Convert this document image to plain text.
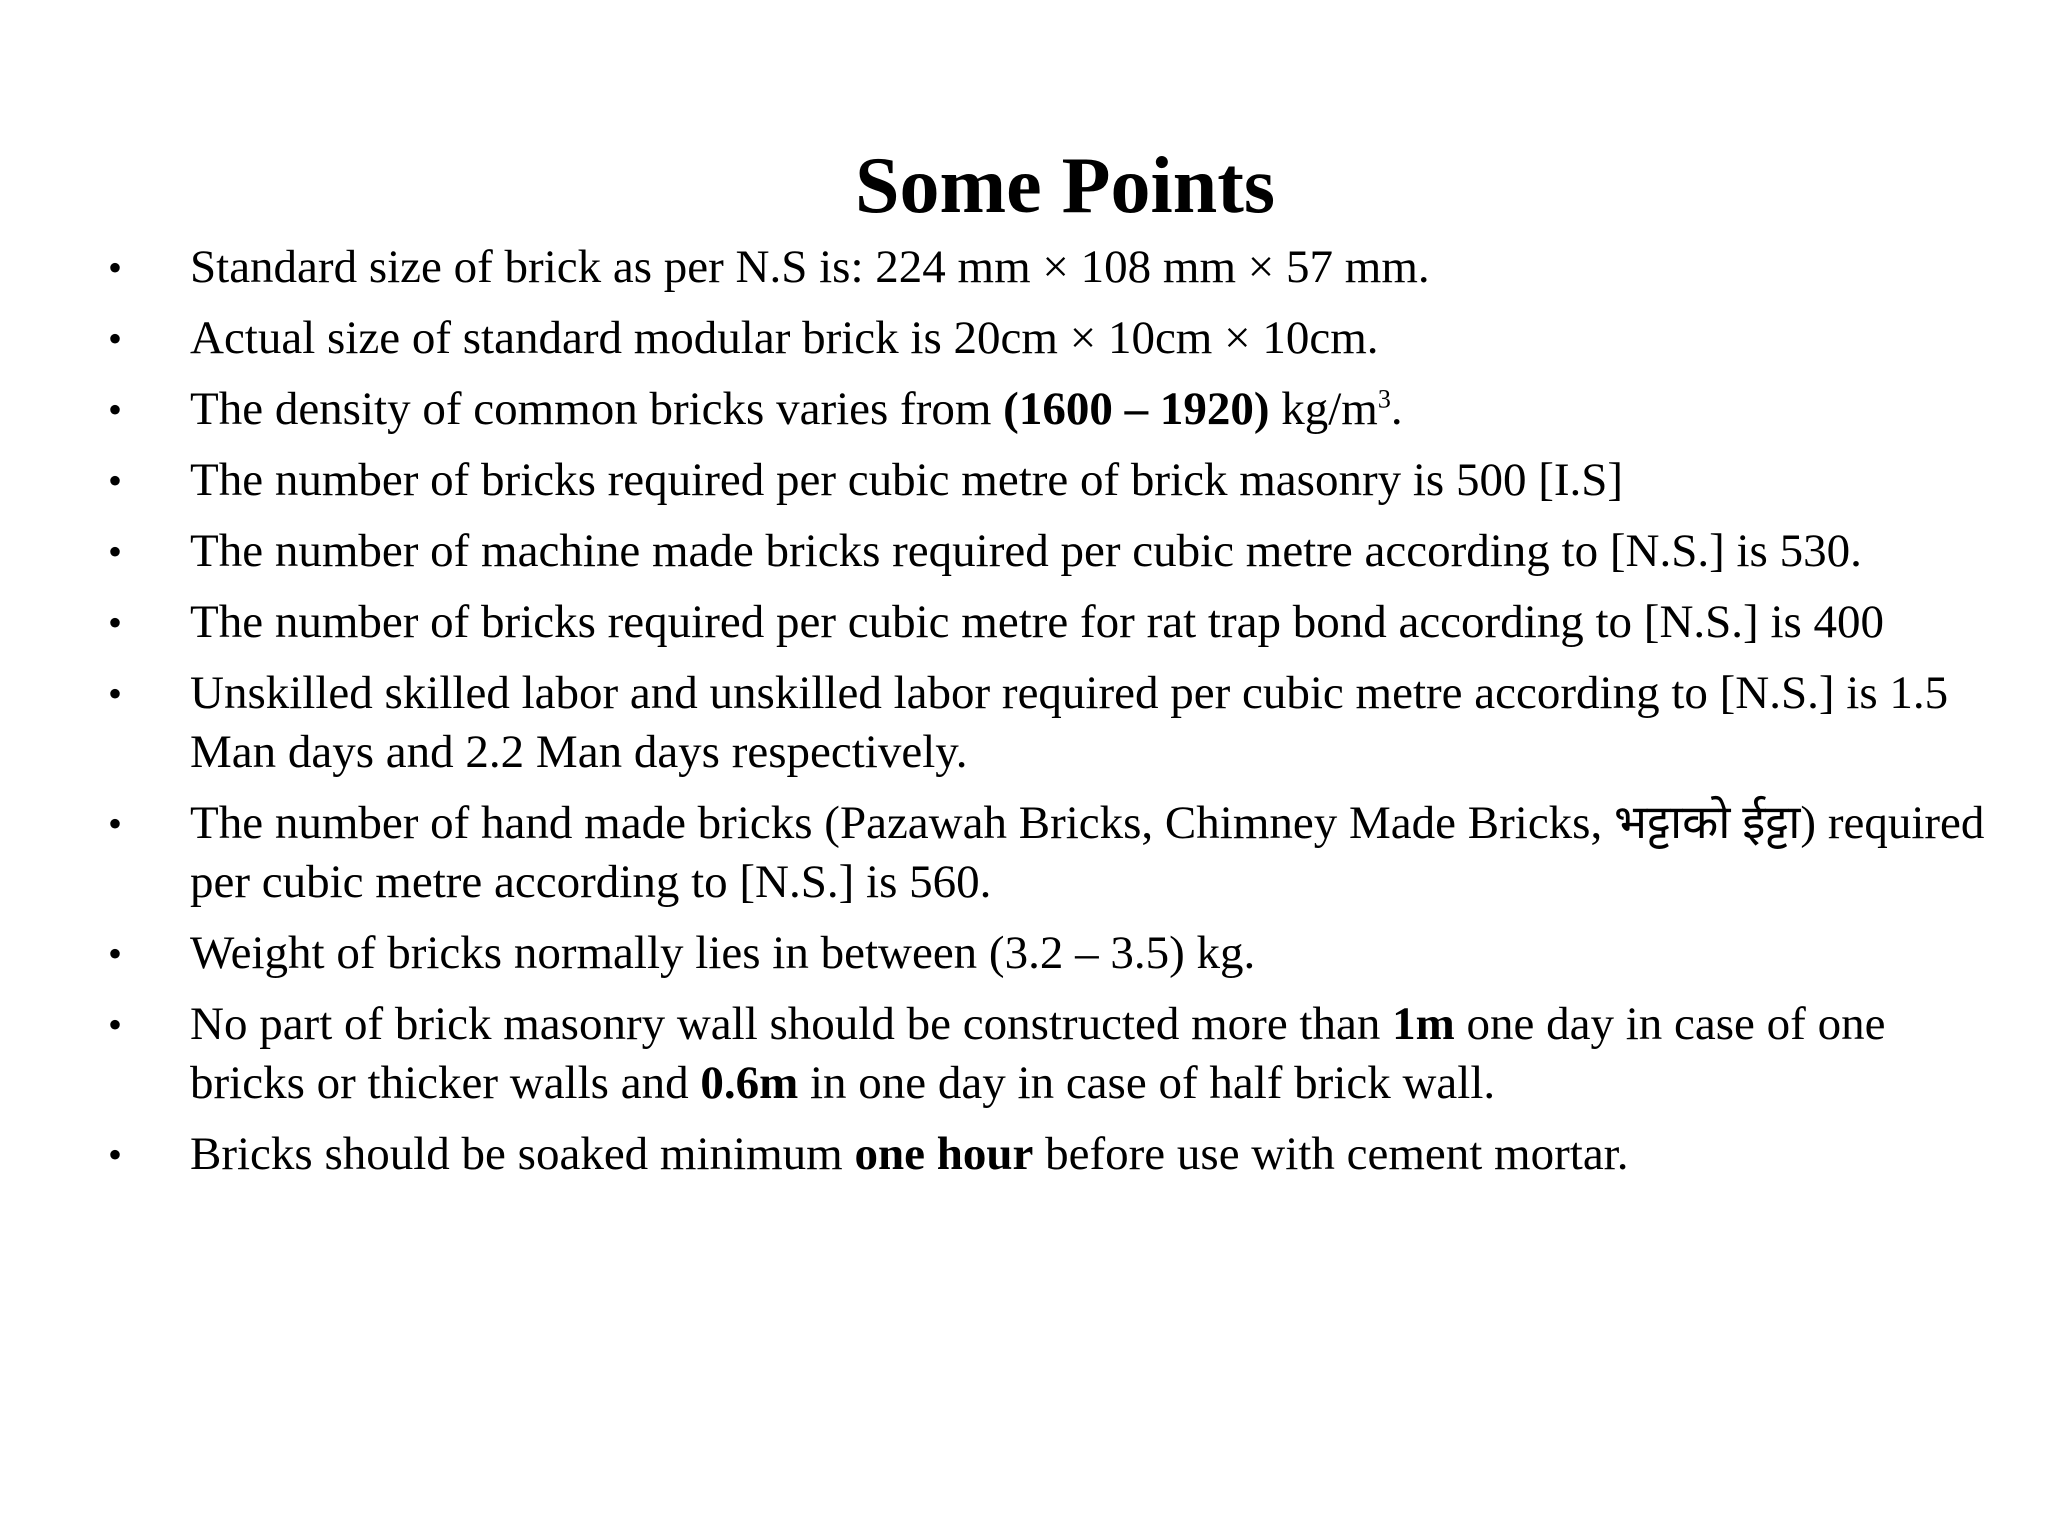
Some Points
•	Standard size of brick as per N.S is: 224 mm × 108 mm × 57 mm.
•	Actual size of standard modular brick is 20cm × 10cm × 10cm.
•	The density of common bricks varies from (1600 – 1920) $kg/m^3$.
•	The number of bricks required per cubic metre of brick masonry is 500 [I.S]
•	The number of machine made bricks required per cubic metre according to [N.S.] is 530.
•	The number of bricks required per cubic metre for rat trap bond according to [N.S.] is 400
•	Unskilled skilled labor and unskilled labor required per cubic metre according to [N.S.] is 1.5 Man days and 2.2 Man days respectively.
•	The number of hand made bricks (Pazawah Bricks, Chimney Made Bricks, भट्टाको ईट्टा) required per cubic metre according to [N.S.] is 560.
•	Weight of bricks normally lies in between (3.2 – 3.5) kg.
•	No part of brick masonry wall should be constructed more than 1m one day in case of one bricks or thicker walls and 0.6m in one day in case of half brick wall.
•	Bricks should be soaked minimum one hour before use with cement mortar.
